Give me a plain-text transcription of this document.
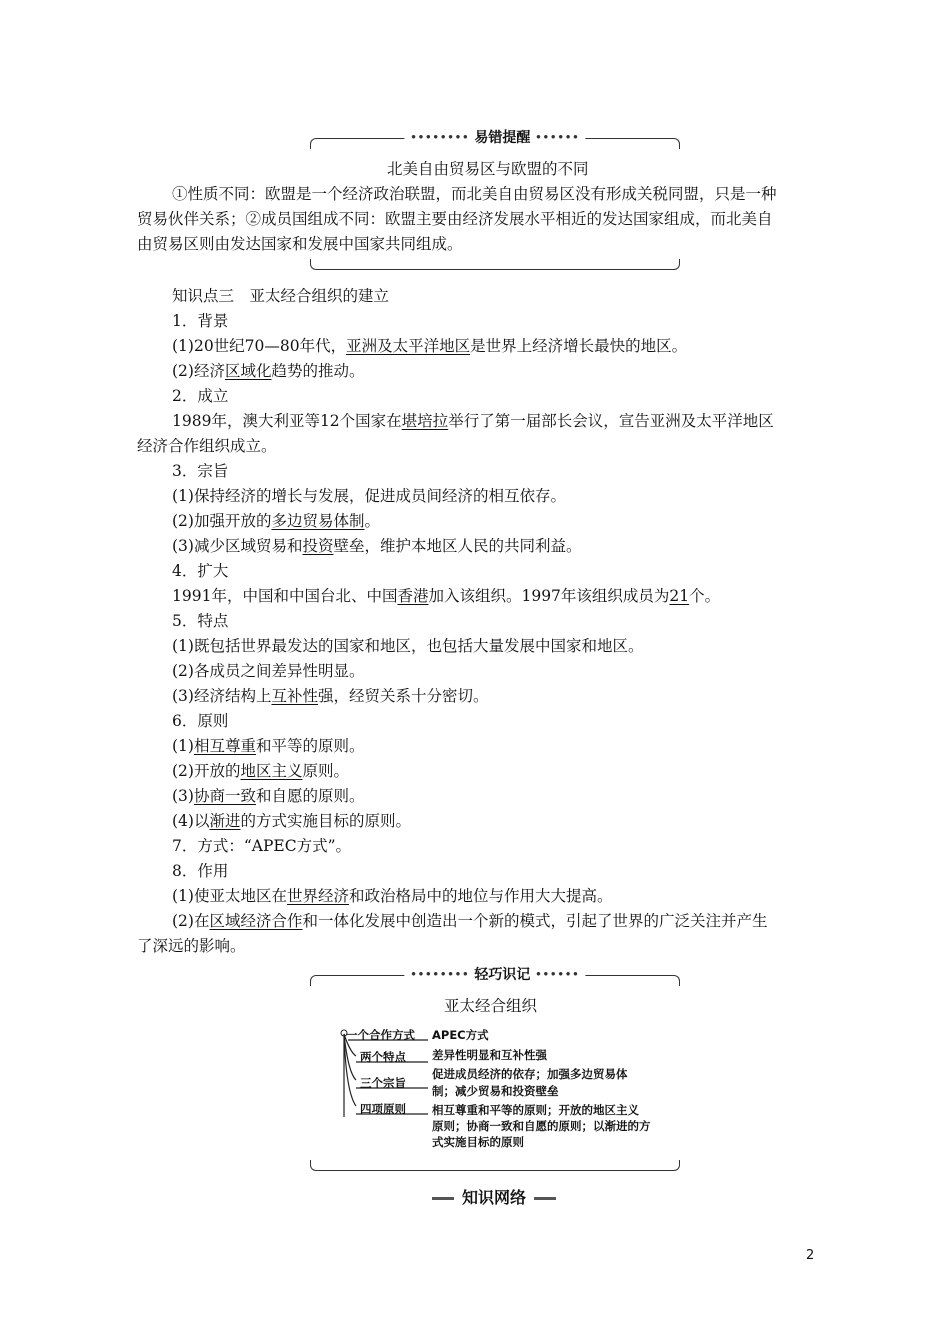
•••••••• 易错提醒 ••••••
北美自由贸易区与欧盟的不同
①性质不同：欧盟是一个经济政治联盟，而北美自由贸易区没有形成关税同盟，只是一种
贸易伙伴关系；②成员国组成不同：欧盟主要由经济发展水平相近的发达国家组成，而北美自
由贸易区则由发达国家和发展中国家共同组成。
知识点三　亚太经合组织的建立
1．背景
(1)20世纪70—80年代，亚洲及太平洋地区是世界上经济增长最快的地区。
(2)经济区域化趋势的推动。
2．成立
1989年，澳大利亚等12个国家在堪培拉举行了第一届部长会议，宣告亚洲及太平洋地区
经济合作组织成立。
3．宗旨
(1)保持经济的增长与发展，促进成员间经济的相互依存。
(2)加强开放的多边贸易体制。
(3)减少区域贸易和投资壁垒，维护本地区人民的共同利益。
4．扩大
1991年，中国和中国台北、中国香港加入该组织。1997年该组织成员为21个。
5．特点
(1)既包括世界最发达的国家和地区，也包括大量发展中国家和地区。
(2)各成员之间差异性明显。
(3)经济结构上互补性强，经贸关系十分密切。
6．原则
(1)相互尊重和平等的原则。
(2)开放的地区主义原则。
(3)协商一致和自愿的原则。
(4)以渐进的方式实施目标的原则。
7．方式：“APEC方式”。
8．作用
(1)使亚太地区在世界经济和政治格局中的地位与作用大大提高。
(2)在区域经济合作和一体化发展中创造出一个新的模式，引起了世界的广泛关注并产生
了深远的影响。
•••••••• 轻巧识记 ••••••
亚太经合组织
一个合作方式
两个特点
三个宗旨
四项原则
APEC方式
差异性明显和互补性强
促进成员经济的依存；加强多边贸易体
制；减少贸易和投资壁垒
相互尊重和平等的原则；开放的地区主义
原则；协商一致和自愿的原则；以渐进的方
式实施目标的原则
知识网络
2
